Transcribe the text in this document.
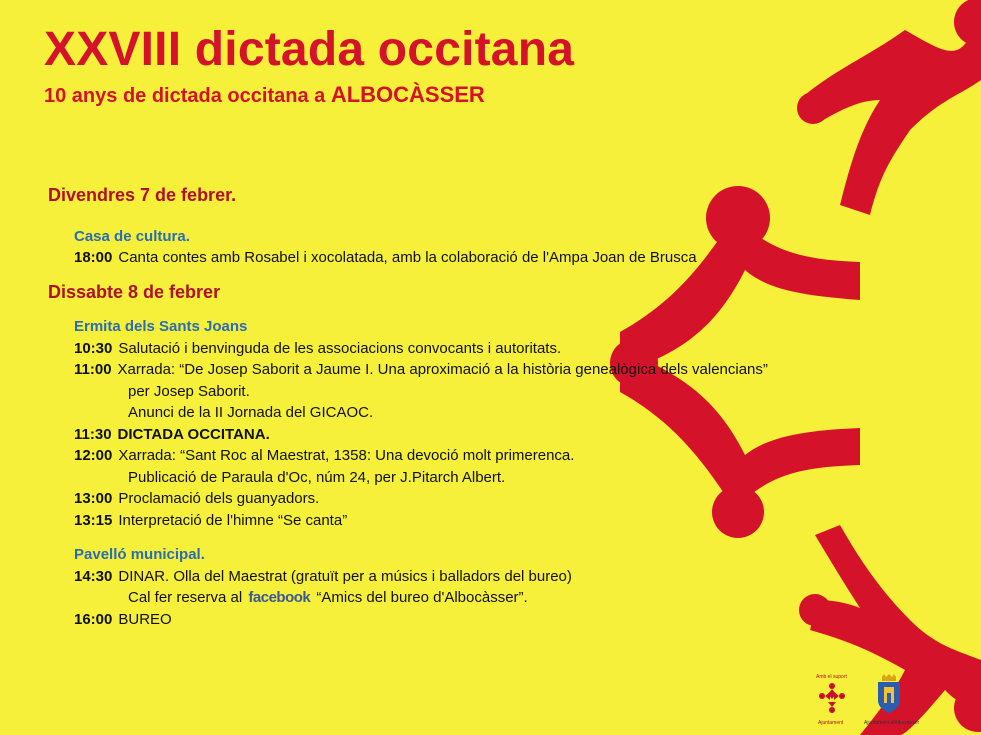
XXVIII dictada occitana
10 anys de dictada occitana a ALBOCÀSSER
Divendres 7 de febrer.
Casa de cultura.
18:00 Canta contes amb Rosabel i xocolatada, amb la colaboració de l'Ampa Joan de Brusca
Dissabte 8 de febrer
Ermita dels Sants Joans
10:30 Salutació i benvinguda de les associacions convocants i autoritats.
11:00 Xarrada: “De Josep Saborit a Jaume I. Una aproximació a la història genealògica dels valencians”
per Josep Saborit.
Anunci de la II Jornada del GICAOC.
11:30 DICTADA OCCITANA.
12:00 Xarrada: “Sant Roc al Maestrat, 1358: Una devoció molt primerenca.
Publicació de Paraula d'Oc, núm 24, per J.Pitarch Albert.
13:00 Proclamació dels guanyadors.
13:15 Interpretació de l'himne “Se canta”
Pavelló municipal.
14:30 DINAR. Olla del Maestrat (gratuït per a músics i balladors del bureo)
Cal fer reserva al facebook “Amics del bureo d'Albocàsser”.
16:00 BUREO
Amb el suport
Ajuntament	Ajuntament d'Albocàsser
